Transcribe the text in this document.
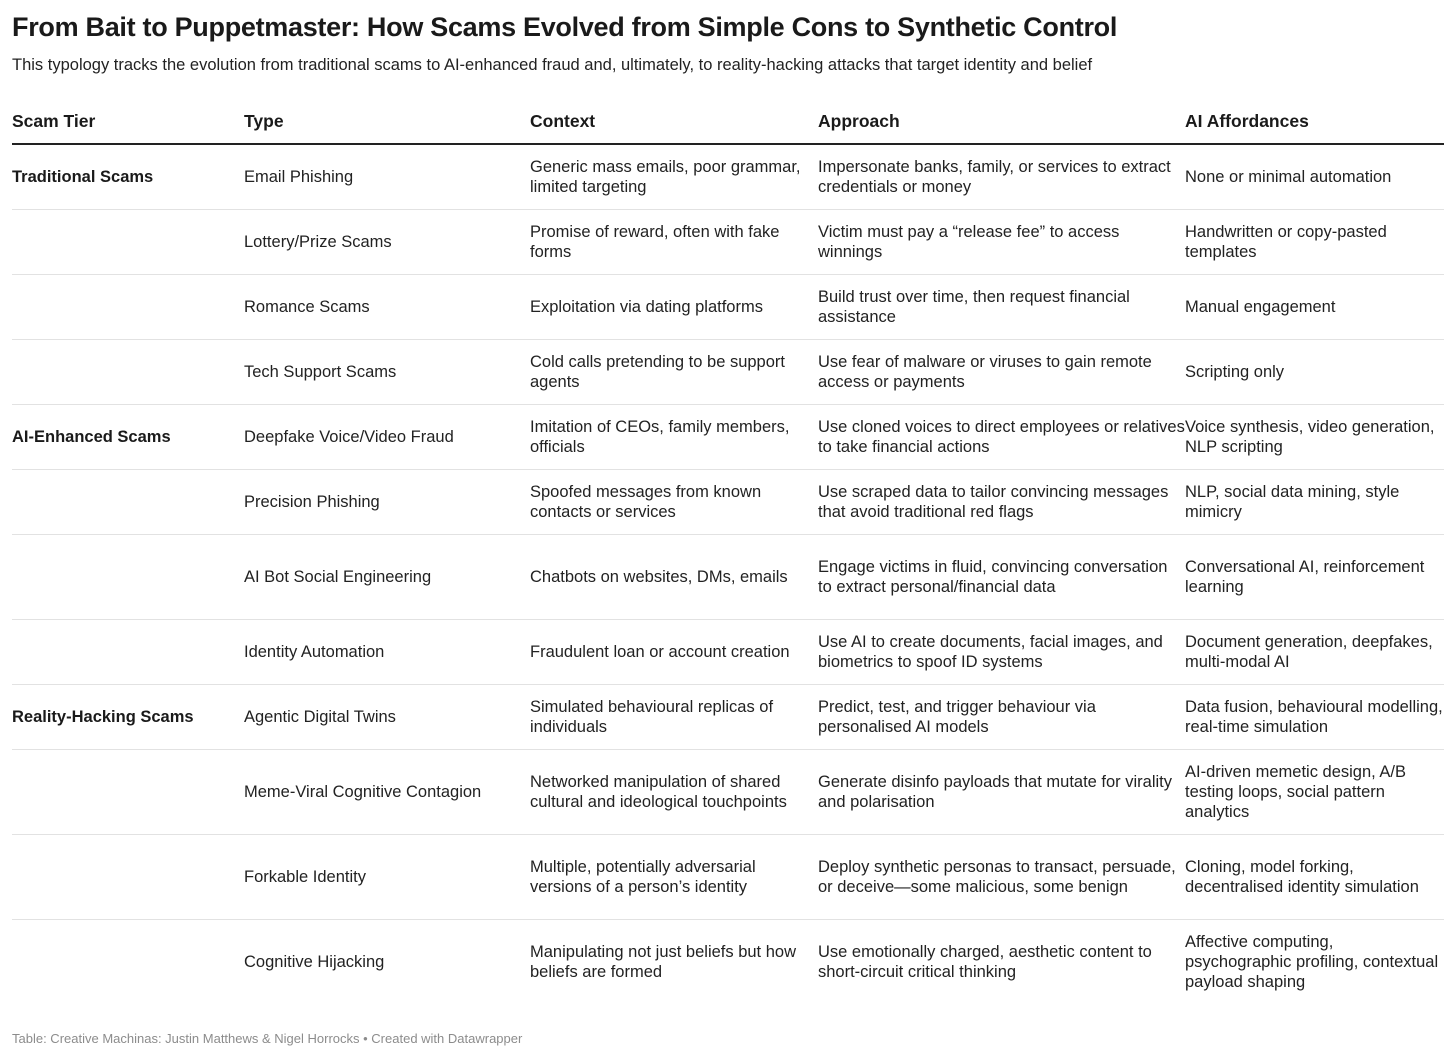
From Bait to Puppetmaster: How Scams Evolved from Simple Cons to Synthetic Control
This typology tracks the evolution from traditional scams to AI-enhanced fraud and, ultimately, to reality-hacking attacks that target identity and belief
Scam Tier	Type	Context	Approach	AI Affordances
Traditional Scams	Email Phishing	Generic mass emails, poor grammar, limited targeting	Impersonate banks, family, or services to extract credentials or money	None or minimal automation
	Lottery/Prize Scams	Promise of reward, often with fake forms	Victim must pay a “release fee” to access winnings	Handwritten or copy-pasted templates
	Romance Scams	Exploitation via dating platforms	Build trust over time, then request financial assistance	Manual engagement
	Tech Support Scams	Cold calls pretending to be support agents	Use fear of malware or viruses to gain remote access or payments	Scripting only
AI-Enhanced Scams	Deepfake Voice/Video Fraud	Imitation of CEOs, family members, officials	Use cloned voices to direct employees or relatives to take financial actions	Voice synthesis, video generation, NLP scripting
	Precision Phishing	Spoofed messages from known contacts or services	Use scraped data to tailor convincing messages that avoid traditional red flags	NLP, social data mining, style mimicry
	AI Bot Social Engineering	Chatbots on websites, DMs, emails	Engage victims in fluid, convincing conversation to extract personal/financial data	Conversational AI, reinforcement learning
	Identity Automation	Fraudulent loan or account creation	Use AI to create documents, facial images, and biometrics to spoof ID systems	Document generation, deepfakes, multi-modal AI
Reality-Hacking Scams	Agentic Digital Twins	Simulated behavioural replicas of individuals	Predict, test, and trigger behaviour via personalised AI models	Data fusion, behavioural modelling, real-time simulation
	Meme-Viral Cognitive Contagion	Networked manipulation of shared cultural and ideological touchpoints	Generate disinfo payloads that mutate for virality and polarisation	AI-driven memetic design, A/B testing loops, social pattern analytics
	Forkable Identity	Multiple, potentially adversarial versions of a person’s identity	Deploy synthetic personas to transact, persuade, or deceive—some malicious, some benign	Cloning, model forking, decentralised identity simulation
	Cognitive Hijacking	Manipulating not just beliefs but how beliefs are formed	Use emotionally charged, aesthetic content to short-circuit critical thinking	Affective computing, psychographic profiling, contextual payload shaping
Table: Creative Machinas: Justin Matthews & Nigel Horrocks • Created with Datawrapper
